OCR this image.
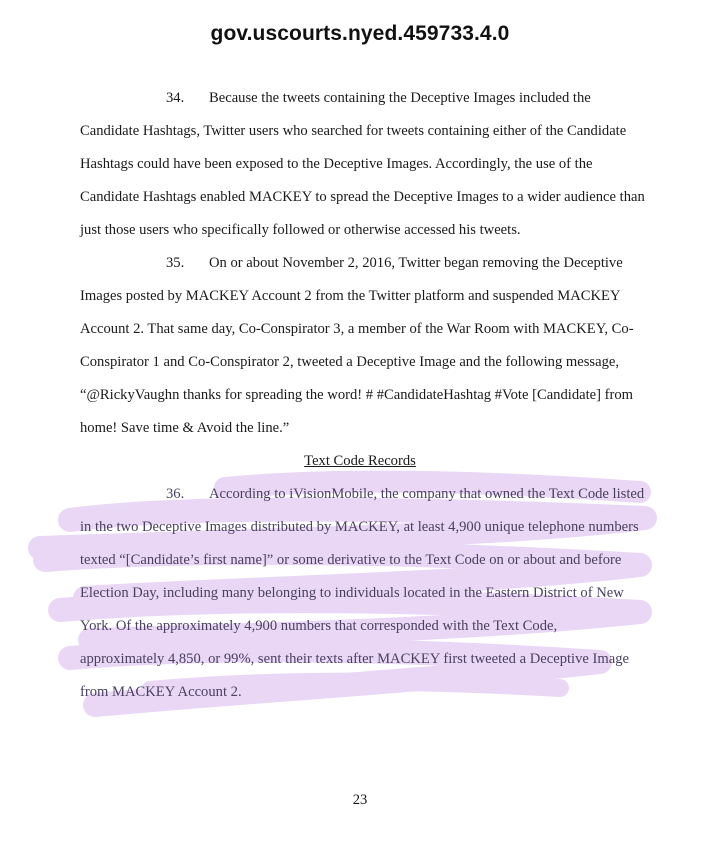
gov.uscourts.nyed.459733.4.0
34. Because the tweets containing the Deceptive Images included the
Candidate Hashtags, Twitter users who searched for tweets containing either of the Candidate
Hashtags could have been exposed to the Deceptive Images. Accordingly, the use of the
Candidate Hashtags enabled MACKEY to spread the Deceptive Images to a wider audience than
just those users who specifically followed or otherwise accessed his tweets.
35. On or about November 2, 2016, Twitter began removing the Deceptive
Images posted by MACKEY Account 2 from the Twitter platform and suspended MACKEY
Account 2. That same day, Co-Conspirator 3, a member of the War Room with MACKEY, Co-
Conspirator 1 and Co-Conspirator 2, tweeted a Deceptive Image and the following message,
“@RickyVaughn thanks for spreading the word! # #CandidateHashtag #Vote [Candidate] from
home! Save time & Avoid the line.”
Text Code Records
36. According to iVisionMobile, the company that owned the Text Code listed
in the two Deceptive Images distributed by MACKEY, at least 4,900 unique telephone numbers
texted “[Candidate’s first name]” or some derivative to the Text Code on or about and before
Election Day, including many belonging to individuals located in the Eastern District of New
York. Of the approximately 4,900 numbers that corresponded with the Text Code,
approximately 4,850, or 99%, sent their texts after MACKEY first tweeted a Deceptive Image
from MACKEY Account 2.
23
